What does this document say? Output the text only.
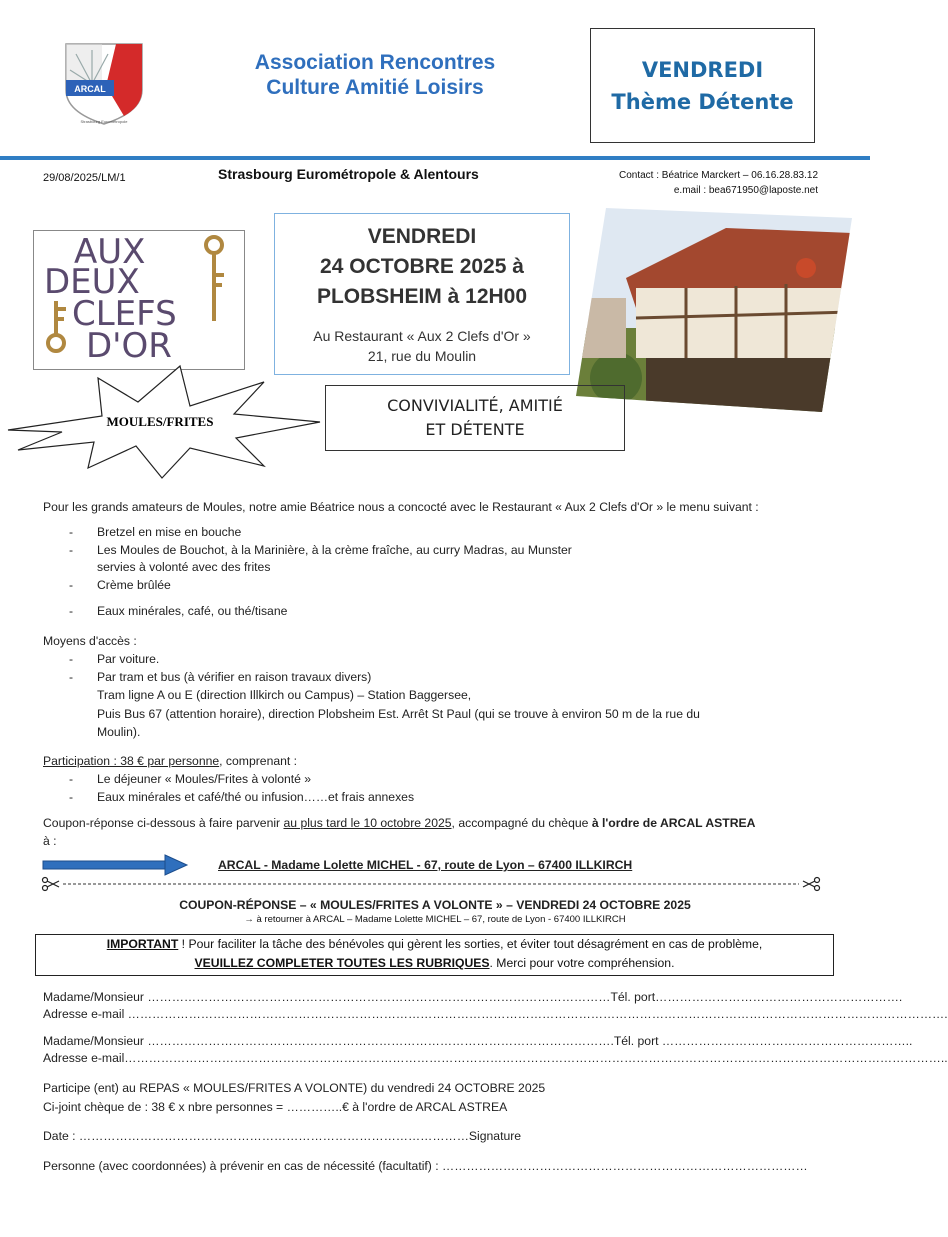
ARCAL
Strasbourg Eurométropole
Association Rencontres
Culture Amitié Loisirs
VENDREDI
Thème Détente
29/08/2025/LM/1	Strasbourg Eurométropole & Alentours	Contact : Béatrice Marckert – 06.16.28.83.12
e.mail : bea671950@laposte.net
AUX
DEUX
CLEFS
D'OR
VENDREDI
24 OCTOBRE 2025 à
PLOBSHEIM à 12H00
Au Restaurant « Aux 2 Clefs d'Or »
21, rue du Moulin
MOULES/FRITES
CONVIVIALITÉ, AMITIÉ
ET DÉTENTE
Pour les grands amateurs de Moules, notre amie Béatrice nous a concocté avec le Restaurant « Aux 2 Clefs d'Or » le menu suivant :
- Bretzel en mise en bouche
- Les Moules de Bouchot, à la Marinière, à la crème fraîche, au curry Madras, au Munster
servies à volonté avec des frites
- Crème brûlée
- Eaux minérales, café, ou thé/tisane
Moyens d'accès :
- Par voiture.
- Par tram et bus (à vérifier en raison travaux divers)
Tram ligne A ou E (direction Illkirch ou Campus) – Station Baggersee,
Puis Bus 67 (attention horaire), direction Plobsheim Est. Arrêt St Paul (qui se trouve à environ 50 m de la rue du
Moulin).
Participation : 38 € par personne, comprenant :
- Le déjeuner « Moules/Frites à volonté »
- Eaux minérales et café/thé ou infusion……et frais annexes
Coupon-réponse ci-dessous à faire parvenir au plus tard le 10 octobre 2025, accompagné du chèque à l'ordre de ARCAL ASTREA
à :
ARCAL - Madame Lolette MICHEL - 67, route de Lyon – 67400 ILLKIRCH
COUPON-RÉPONSE – « MOULES/FRITES A VOLONTE » – VENDREDI 24 OCTOBRE 2025
→ à retourner à ARCAL – Madame Lolette MICHEL – 67, route de Lyon - 67400 ILLKIRCH
IMPORTANT ! Pour faciliter la tâche des bénévoles qui gèrent les sorties, et éviter tout désagrément en cas de problème,
VEUILLEZ COMPLETER TOUTES LES RUBRIQUES. Merci pour votre compréhension.
Madame/Monsieur ……………………………………………………………………………………………………Tél. port…………………………………………………….
Adresse e-mail ………………………………………………………………………………………………………………………………………………………………………………….
Madame/Monsieur …………………………………………………………………………………………………….Tél. port ……………………………………………………..
Adresse e-mail…………………………………………………………………………………………………………………………………………………………………………………..
Participe (ent) au REPAS « MOULES/FRITES A VOLONTE) du vendredi 24 OCTOBRE 2025
Ci-joint chèque de : 38 € x nbre personnes = …………..€ à l'ordre de ARCAL ASTREA
Date : ……………………………………………………………………………………Signature
Personne (avec coordonnées) à prévenir en cas de nécessité (facultatif) : ………………………………………………………………………………
